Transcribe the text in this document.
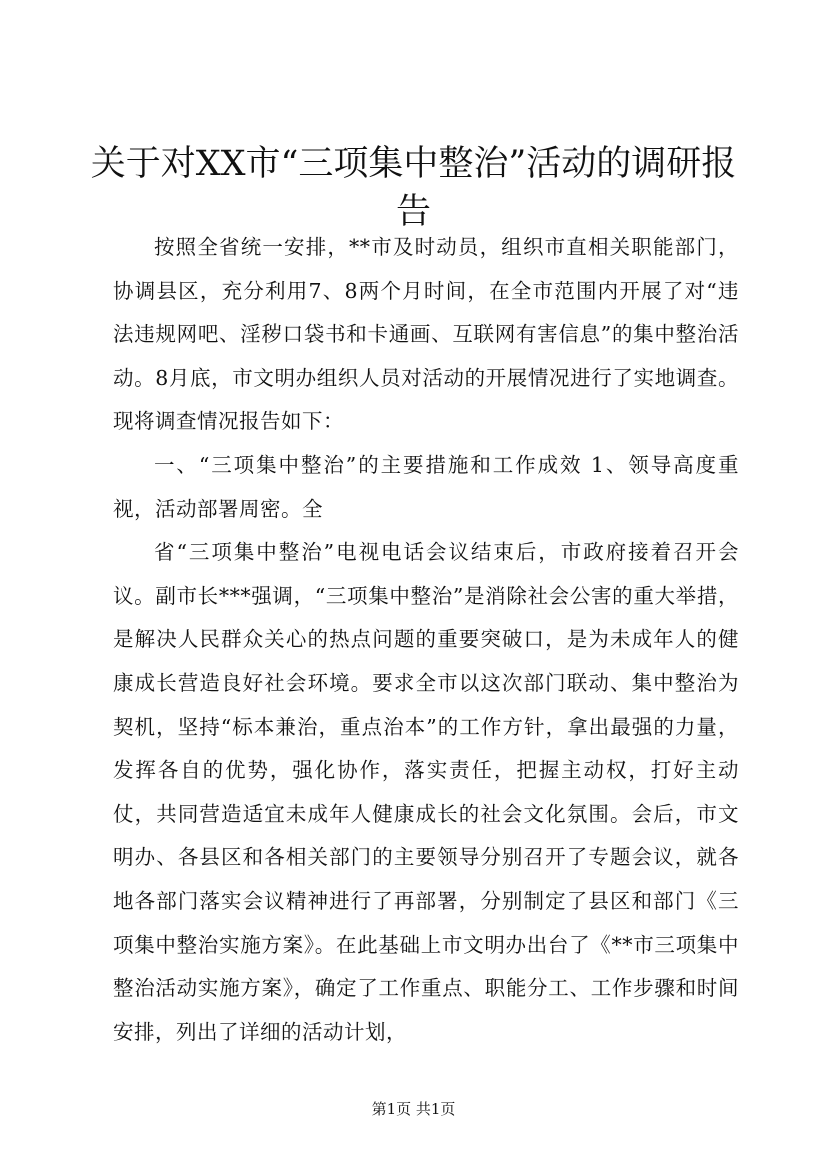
关于对XX市“三项集中整治”活动的调研报告

按照全省统一安排，**市及时动员，组织市直相关职能部门，协调县区，充分利用7、8两个月时间，在全市范围内开展了对“违法违规网吧、淫秽口袋书和卡通画、互联网有害信息”的集中整治活动。8月底，市文明办组织人员对活动的开展情况进行了实地调查。现将调查情况报告如下：

一、“三项集中整治”的主要措施和工作成效 1、领导高度重视，活动部署周密。全

省“三项集中整治”电视电话会议结束后，市政府接着召开会议。副市长***强调，“三项集中整治”是消除社会公害的重大举措，是解决人民群众关心的热点问题的重要突破口，是为未成年人的健康成长营造良好社会环境。要求全市以这次部门联动、集中整治为契机，坚持“标本兼治，重点治本”的工作方针，拿出最强的力量，发挥各自的优势，强化协作，落实责任，把握主动权，打好主动仗，共同营造适宜未成年人健康成长的社会文化氛围。会后，市文明办、各县区和各相关部门的主要领导分别召开了专题会议，就各地各部门落实会议精神进行了再部署，分别制定了县区和部门《三项集中整治实施方案》。在此基础上市文明办出台了《**市三项集中整治活动实施方案》，确定了工作重点、职能分工、工作步骤和时间安排，列出了详细的活动计划，

第1页 共1页
